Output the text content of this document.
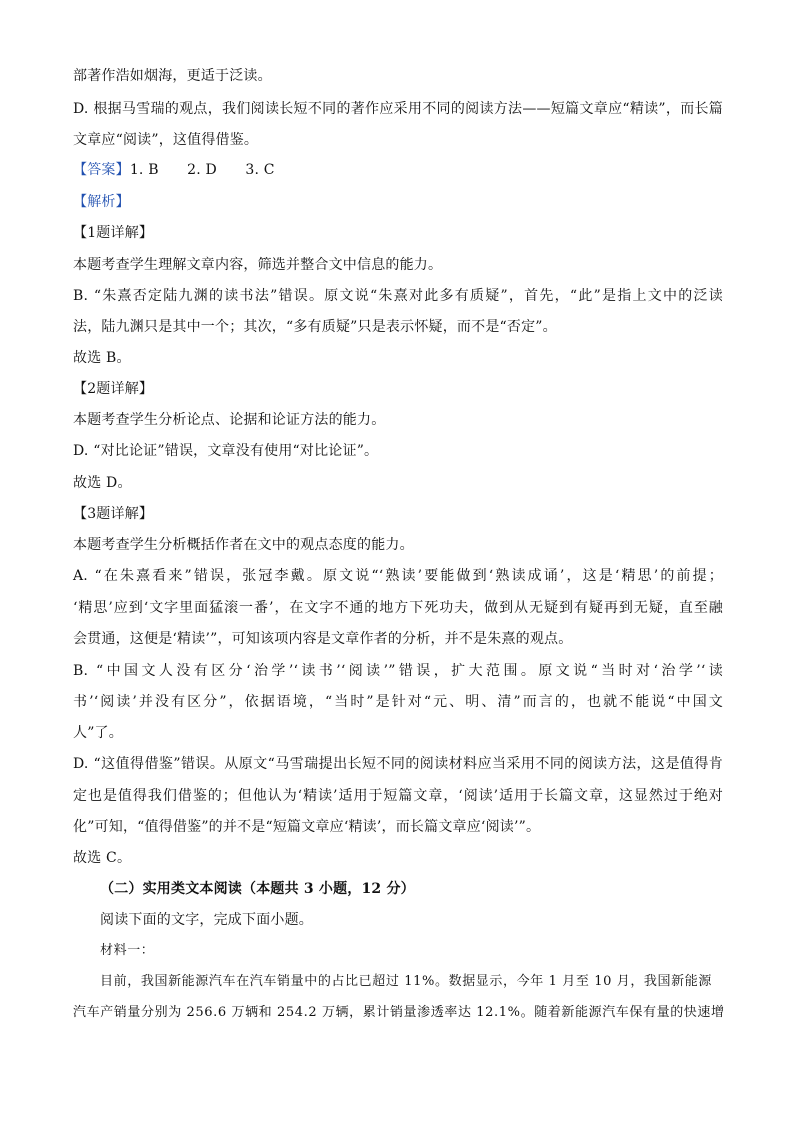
部著作浩如烟海，更适于泛读。
D. 根据马雪瑞的观点，我们阅读长短不同的著作应采用不同的阅读方法——短篇文章应“精读”，而长篇
文章应“阅读”，这值得借鉴。
【答案】1. B　　2. D　　3. C
【解析】
【1题详解】
本题考查学生理解文章内容，筛选并整合文中信息的能力。
B. “朱熹否定陆九渊的读书法”错误。原文说“朱熹对此多有质疑”，首先，“此”是指上文中的泛读
法，陆九渊只是其中一个；其次，“多有质疑”只是表示怀疑，而不是“否定”。
故选 B。
【2题详解】
本题考查学生分析论点、论据和论证方法的能力。
D. “对比论证”错误，文章没有使用“对比论证”。
故选 D。
【3题详解】
本题考查学生分析概括作者在文中的观点态度的能力。
A. “在朱熹看来”错误，张冠李戴。原文说“‘熟读’要能做到‘熟读成诵’，这是‘精思’的前提；
‘精思’应到‘文字里面猛滚一番’，在文字不通的地方下死功夫，做到从无疑到有疑再到无疑，直至融
会贯通，这便是‘精读’”，可知该项内容是文章作者的分析，并不是朱熹的观点。
B. “中国文人没有区分‘治学’‘读书’‘阅读’”错误，扩大范围。原文说“当时对‘治学’‘读
书’‘阅读’并没有区分”，依据语境，“当时”是针对“元、明、清”而言的，也就不能说“中国文
人”了。
D. “这值得借鉴”错误。从原文“马雪瑞提出长短不同的阅读材料应当采用不同的阅读方法，这是值得肯
定也是值得我们借鉴的；但他认为‘精读’适用于短篇文章，‘阅读’适用于长篇文章，这显然过于绝对
化”可知，“值得借鉴”的并不是“短篇文章应‘精读’，而长篇文章应‘阅读’”。
故选 C。
（二）实用类文本阅读（本题共 3 小题，12 分）
阅读下面的文字，完成下面小题。
材料一：
目前，我国新能源汽车在汽车销量中的占比已超过 11%。数据显示，今年 1 月至 10 月，我国新能源
汽车产销量分别为 256.6 万辆和 254.2 万辆，累计销量渗透率达 12.1%。随着新能源汽车保有量的快速增
